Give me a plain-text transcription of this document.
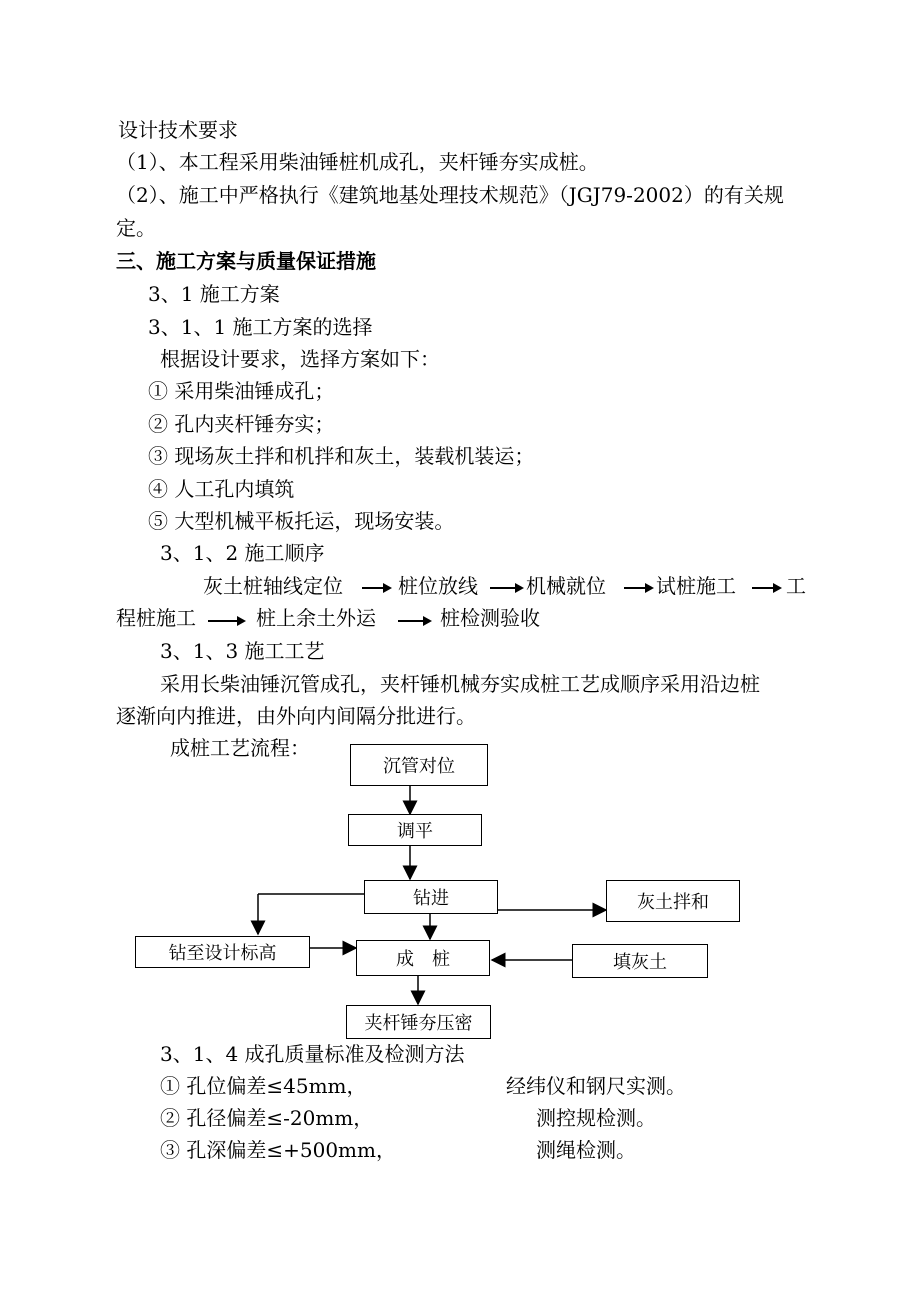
设计技术要求
（1）、本工程采用柴油锤桩机成孔，夹杆锤夯实成桩。
（2）、施工中严格执行《建筑地基处理技术规范》（JGJ79-2002）的有关规
定。
三、施工方案与质量保证措施
3、1 施工方案
3、1、1 施工方案的选择
根据设计要求，选择方案如下：
① 采用柴油锤成孔；
② 孔内夹杆锤夯实；
③ 现场灰土拌和机拌和灰土，装载机装运；
④ 人工孔内填筑
⑤ 大型机械平板托运，现场安装。
3、1、2 施工顺序
灰土桩轴线定位	桩位放线 机械就位	试桩施工	工
程桩施工	桩上余土外运	桩检测验收
3、1、3 施工工艺
采用长柴油锤沉管成孔，夹杆锤机械夯实成桩工艺成顺序采用沿边桩
逐渐向内推进，由外向内间隔分批进行。
成桩工艺流程：
沉管对位
调平
钻进	灰土拌和
钻至设计标高	成　桩	填灰土
夹杆锤夯压密
3、1、4 成孔质量标准及检测方法
① 孔位偏差≤45mm，	经纬仪和钢尺实测。
② 孔径偏差≤-20mm，	测控规检测。
③ 孔深偏差≤+500mm，	测绳检测。
